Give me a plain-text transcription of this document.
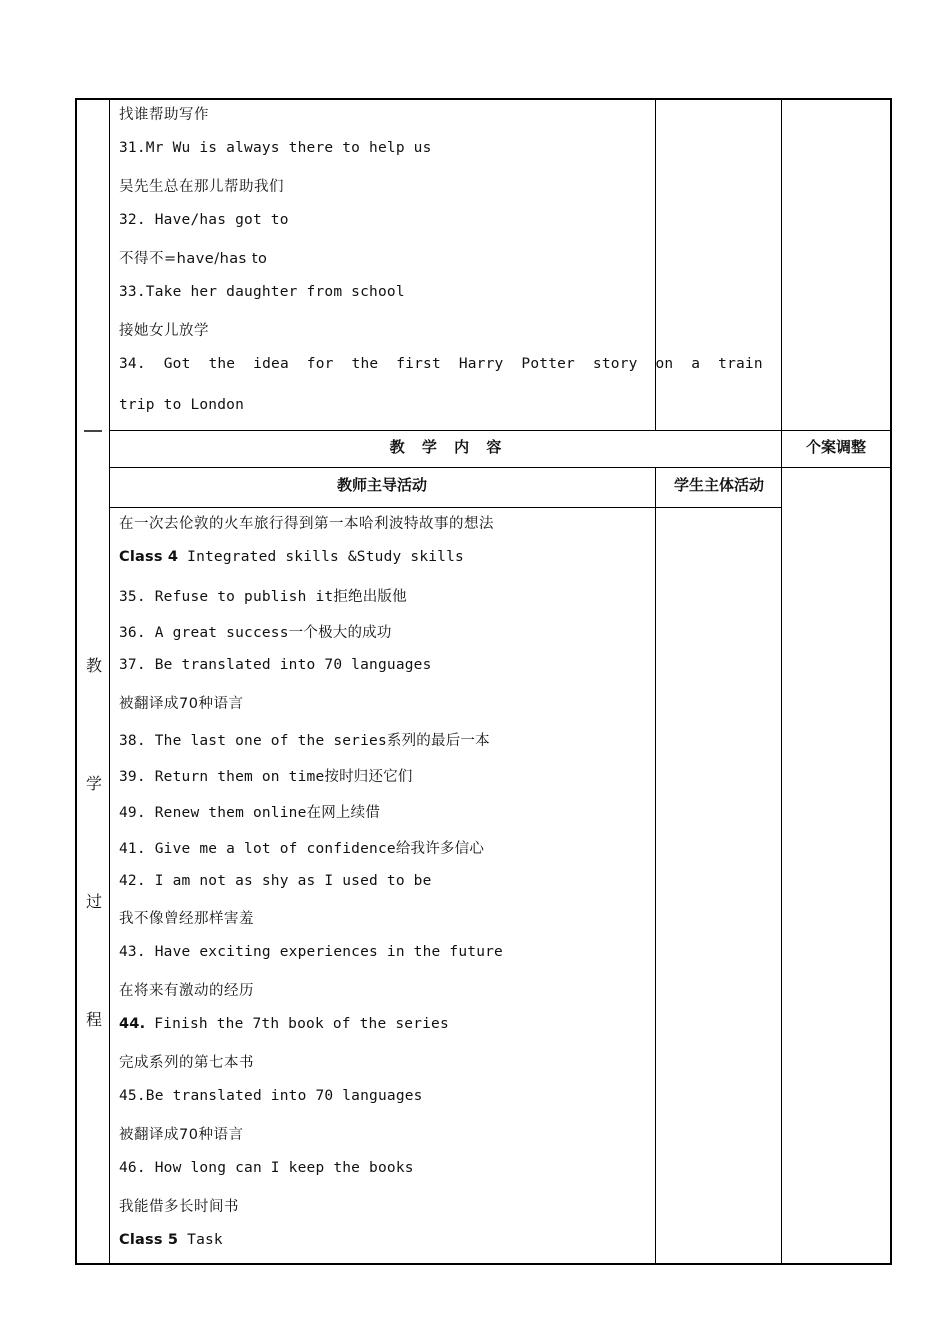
找谁帮助写作
31.Mr Wu is always there to help us
吴先生总在那儿帮助我们
32. Have/has got to
不得不=have/has to
33.Take her daughter from school
接她女儿放学
34. Got the idea for the first Harry Potter story on a train
trip to London
教 学 内 容	个案调整
教师主导活动	学生主体活动
教
学
过
程
在一次去伦敦的火车旅行得到第一本哈利波特故事的想法
Class 4 Integrated skills &Study skills
35. Refuse to publish it拒绝出版他
36. A great success一个极大的成功
37. Be translated into 70 languages
被翻译成70种语言
38. The last one of the series系列的最后一本
39. Return them on time按时归还它们
49. Renew them online在网上续借
41. Give me a lot of confidence给我许多信心
42. I am not as shy as I used to be
我不像曾经那样害羞
43. Have exciting experiences in the future
在将来有激动的经历
44. Finish the 7th book of the series
完成系列的第七本书
45.Be translated into 70 languages
被翻译成70种语言
46. How long can I keep the books
我能借多长时间书
Class 5 Task
